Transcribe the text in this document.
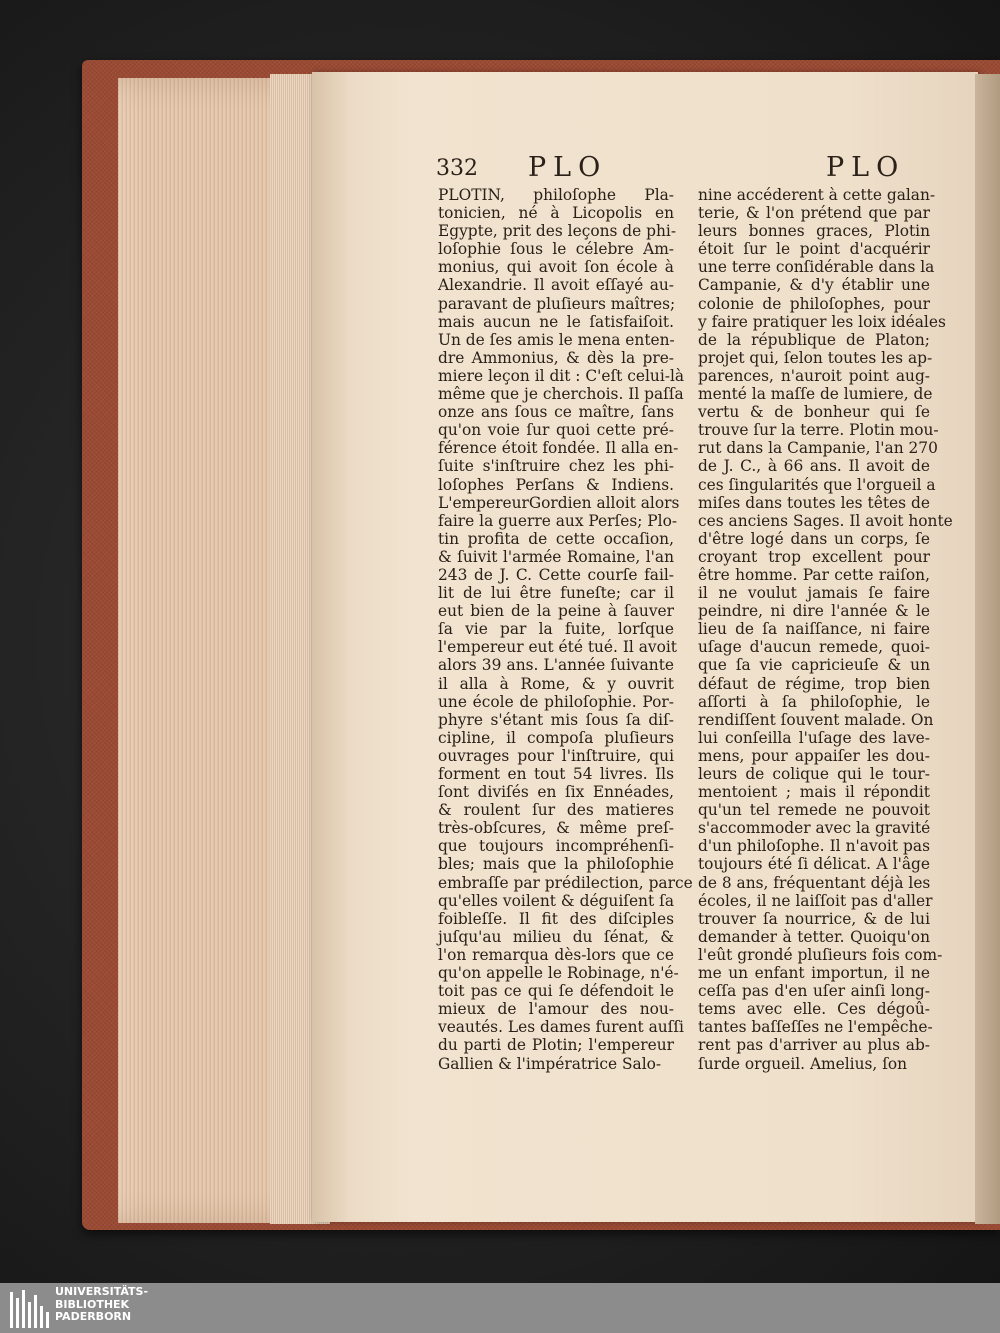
332 PLO	PLO
PLOTIN, philoſophe Pla-
tonicien, né à Licopolis en
Egypte, prit des leçons de phi-
loſophie ſous le célebre Am-
monius, qui avoit ſon école à
Alexandrie. Il avoit eſſayé au-
paravant de pluſieurs maîtres;
mais aucun ne le ſatisfaiſoit.
Un de ſes amis le mena enten-
dre Ammonius, & dès la pre-
miere leçon il dit : C'eſt celui-là
même que je cherchois. Il paſſa
onze ans ſous ce maître, ſans
qu'on voie ſur quoi cette pré-
férence étoit fondée. Il alla en-
ſuite s'inſtruire chez les phi-
loſophes Perſans & Indiens.
L'empereurGordien alloit alors
faire la guerre aux Perſes; Plo-
tin profita de cette occaſion,
& ſuivit l'armée Romaine, l'an
243 de J. C. Cette courſe fail-
lit de lui être funeſte; car il
eut bien de la peine à ſauver
ſa vie par la fuite, lorſque
l'empereur eut été tué. Il avoit
alors 39 ans. L'année ſuivante
il alla à Rome, & y ouvrit
une école de philoſophie. Por-
phyre s'étant mis ſous ſa diſ-
cipline, il compoſa pluſieurs
ouvrages pour l'inſtruire, qui
forment en tout 54 livres. Ils
ſont diviſés en ſix Ennéades,
& roulent ſur des matieres
très-obſcures, & même preſ-
que toujours incompréhenſi-
bles; mais que la philoſophie
embraſſe par prédilection, parce
qu'elles voilent & déguiſent ſa
foibleſſe. Il fit des diſciples
juſqu'au milieu du ſénat, &
l'on remarqua dès-lors que ce
qu'on appelle le Robinage, n'é-
toit pas ce qui ſe défendoit le
mieux de l'amour des nou-
veautés. Les dames furent auſſi
du parti de Plotin; l'empereur
Gallien & l'impératrice Salo-
nine accéderent à cette galan-
terie, & l'on prétend que par
leurs bonnes graces, Plotin
étoit ſur le point d'acquérir
une terre conſidérable dans la
Campanie, & d'y établir une
colonie de philoſophes, pour
y faire pratiquer les loix idéales
de la république de Platon;
projet qui, ſelon toutes les ap-
parences, n'auroit point aug-
menté la maſſe de lumiere, de
vertu & de bonheur qui ſe
trouve ſur la terre. Plotin mou-
rut dans la Campanie, l'an 270
de J. C., à 66 ans. Il avoit de
ces ſingularités que l'orgueil a
miſes dans toutes les têtes de
ces anciens Sages. Il avoit honte
d'être logé dans un corps, ſe
croyant trop excellent pour
être homme. Par cette raiſon,
il ne voulut jamais ſe faire
peindre, ni dire l'année & le
lieu de ſa naiſſance, ni faire
uſage d'aucun remede, quoi-
que ſa vie capricieuſe & un
défaut de régime, trop bien
aſſorti à ſa philoſophie, le
rendiſſent ſouvent malade. On
lui conſeilla l'uſage des lave-
mens, pour appaiſer les dou-
leurs de colique qui le tour-
mentoient ; mais il répondit
qu'un tel remede ne pouvoit
s'accommoder avec la gravité
d'un philoſophe. Il n'avoit pas
toujours été ſi délicat. A l'âge
de 8 ans, fréquentant déjà les
écoles, il ne laiſſoit pas d'aller
trouver ſa nourrice, & de lui
demander à tetter. Quoiqu'on
l'eût grondé pluſieurs fois com-
me un enfant importun, il ne
ceſſa pas d'en uſer ainſi long-
tems avec elle. Ces dégoû-
tantes baſſeſſes ne l'empêche-
rent pas d'arriver au plus ab-
ſurde orgueil. Amelius, ſon
UNIVERSITÄTS-
BIBLIOTHEK
PADERBORN
